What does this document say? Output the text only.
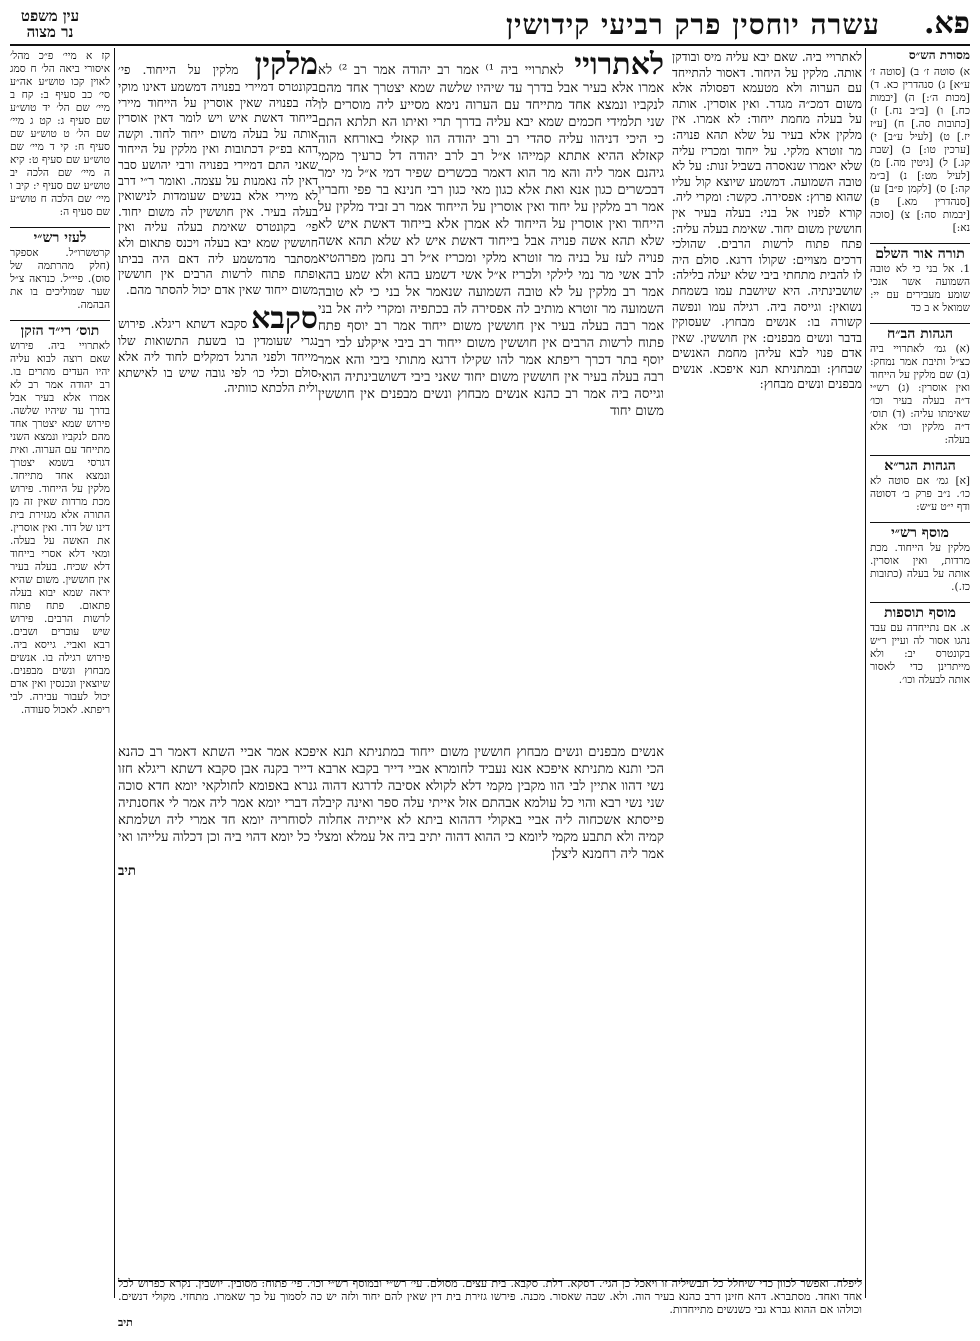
פא.
עשרה יוחסין פרק רביעי קידושין
עין משפט
נר מצוה
מסורת הש״ס

א) סוטה ז׳ ב) [סוטה ז׳ ע״א] ג) סנהדרין כא. ד) [מכות ה׳:] ה) [יבמות כח.] ו) [ב״ב נח.] ז) [כתובות סה.] ח) [ע״ז יז.] ט) [לעיל ע״ב] י) [ערכין טו:] כ) [שבת קג.] ל) [גיטין מה.] מ) [לעיל מט:] נ) [ב״מ קה:] ס) [לקמן פ״ב] ע) [סנהדרין מא.] פ) [יבמות סה:] צ) [סוכה נא:]

תורה אור השלם

1. אל בני כי לא טובה השמועה אשר אנכי שומע מעבירים עם יי: שמואל א ב כד

הגהות הב״ח

(א) גמ׳ לאתרויי ביה כצ״ל ותיבת אמר נמחק: (ב) שם מלקין על הייחוד ואין אוסרין: (ג) רש״י ד״ה בעלה בעיר וכו׳ שאימתו עליה: (ד) תוס׳ ד״ה מלקין וכו׳ אלא בעלה:

הגהות הגר״א

[א] גמ׳ אם סוטה לא כו׳. נ״ב פרק ב׳ דסוטה ודף י״ט ע״ש:

מוסף רש״י

מלקין על הייחוד. מכת מרדות, ואין אוסרין. אותה על בעלה (כתובות כז.).

מוסף תוספות

א. אם נתייחדה עם עבד נהגו אסור לה ועיין ר״ש בקונטרס יב: ולא מייתרינן כדי לאסור אותה לבעלה וכו׳.

קז א מיי׳ פ״כ מהל׳ איסורי ביאה הל׳ ח סמג לאוין קכו טוש״ע אה״ע סי׳ כב סעיף ב: קח ב מיי׳ שם הל׳ יד טוש״ע שם סעיף ג: קט ג מיי׳ שם הל׳ ט טוש״ע שם סעיף ח: קי ד מיי׳ שם טוש״ע שם סעיף ט: קיא ה מיי׳ שם הלכה יב טוש״ע שם סעיף י: קיב ו מיי׳ שם הלכה ח טוש״ע שם סעיף ה:

לעזי רש״י

קרטשרו״ל. אספקר (חלק מהרתמה של סוס). פיי״ל. כנראה צ״ל שער שמוליכים בו את הבהמה.

תוס׳ רי״ד הזקן

לאתרויי ביה. פירוש שאם רוצה לבוא עליה יהיו העדים מתרים בו. רב יהודה אמר רב לא אמרו אלא בעיר אבל בדרך עד שיהיו שלשה. פירוש שמא יצטרך אחד מהם לנקביו ונמצא השני מתייחד עם הערוה. ואית דגרסי בשמא יצטרך ונמצא אחד מתייחד. מלקין על הייחוד. פירוש מכת מרדות שאין זה מן התורה אלא מגזירת בית דינו של דוד. ואין אוסרין. את האשה על בעלה. ומאי דלא אסרי בייחוד דלא שכיח. בעלה בעיר אין חוששין. משום שהיא יראה שמא יבוא בעלה פתאום. פתח פתוח לרשות הרבים. פירוש שיש עוברים ושבים. רבא ואביי. גייסא ביה. פירוש רגילה בו. אנשים מבחוץ ונשים מבפנים. שיוצאין ונכנסין ואין אדם יכול לעבור עבירה. לבי ריפתא. לאכול סעודה.

לאתרויי ביה. שאם יבא עליה מיס ובודקן אותה. מלקין על היחוד. דאסור להתייחד עם הערוה ולא מטעמא דפסולה אלא משום דמכ״ה מגדר. ואין אוסרין. אותה על בעלה מחמת ייחוד: לא אמרו. אין מלקין אלא בעיר על שלא תהא פנויה: מר זוטרא מלקי. על ייחוד ומכריז עליה שלא יאמרו שנאסרה בשביל זנות: על לא טובה השמועה. דמשמע שיוצא קול עליו שהוא פרוץ: אפסירה. כקשר: ומקרי ליה. קורא לפניו אל בני: בעלה בעיר אין חוששין משום יחוד. שאימת בעלה עליה: פתח פתוח לרשות הרבים. שהולכי דרכים מצויים: שקולו דרגא. סולם היה לו להבית מתחתי ביבי שלא יעלה בלילה: שושבינתיה. היא שיושבת עמו בשמחת נשואין: וגייסה ביה. רגילה עמו ונפשה קשורה בו: אנשים מבחוץ. שעסוקין בדבר ונשים מבפנים: אין חוששין. שאין אדם פנוי לבא עליהן מחמת האנשים שבחוץ: ובמתניתא תנא איפכא. אנשים מבפנים ונשים מבחוץ:

מלקין מלקין על הייחוד. פי׳ בקונטרס דמיירי בפנויה דמשמע דאינו מוקי לה בפנויה שאין אוסרין על הייחוד מיירי בייחוד דאשת איש ויש לומר דאין אוסרין אותה על בעלה משום ייחוד לחוד. וקשה דהא בפ״ק דכתובות ואין מלקין על הייחוד שאני התם דמיירי בפנויה ורבי יהושע סבר דאין לה נאמנות על עצמה. ואומר ר״י דרב לא מיירי אלא בנשים שעומדות לנישואין בעלה בעיר. אין חוששין לה משום יחוד. פי׳ בקונטרס שאימת בעלה עליה ואין חוששין שמא יבא בעלה ויכנס פתאום ולא מסתבר מדמשמע ליה דאם היה בביתו ופתח פתוח לרשות הרבים אין חוששין משום ייחוד שאין אדם יכול להסתר מהם.

סקבאסקבא דשתא ריגלא. פירוש נגרי שעומדין בו בשעת התשואות שלו מייחד ולפני הרגל דמקלים לחוד ליה אלא סולם וכלי כו׳ לפי גובה שיש בו לאישתא ולית הלכתא כוותיה.

לאתרויי לאתרויי ביה ¹⁾ אמר רב יהודה אמר רב ²⁾ לא אמרו אלא בעיר אבל בדרך עד שיהיו שלשה שמא יצטרך אחד מהם לנקביו ונמצא אחד מתייחד עם הערוה נימא מסייע ליה מוסרים לו שני תלמידי חכמים שמא יבא עליה בדרך תרי ואיתו הא תלתא התם כי היכי דניהוו עליה סהדי רב ורב יהודה הוו קאזלי באורחא הוה קאזלא ההיא אתתא קמייהו א״ל רב לרב יהודה דל כרעיך מקמי גיהנם אמר ליה והא מר הוא דאמר בכשרים שפיר דמי א״ל מי ימר דבכשרים כגון אנא ואת אלא כגון מאי כגון רבי חנינא בר פפי וחבריו אמר רב מלקין על יחוד ואין אוסרין על הייחוד אמר רב זביד מלקין על הייחוד ואין אוסרין על הייחוד לא אמרן אלא בייחוד דאשת איש לא שלא תהא אשה פנויה אבל בייחוד דאשת איש לא שלא תהא אשה פנויה לעז על בניה מר זוטרא מלקי ומכריז א״ל רב נחמן מפרהטיא לרב אשי מר נמי לילקי ולכריז א״ל אשי דשמע בהא ולא שמע בהא אמר רב מלקין על לא טובה השמועה שנאמר אל בני כי לא טובה השמועה מר זוטרא מותיב לה אפסירה לה בכתפיה ומקרי ליה אל בני אמר רבה בעלה בעיר אין חוששין משום ייחוד אמר רב יוסף פתח פתוח לרשות הרבים אין חוששין משום ייחוד רב ביבי איקלע לבי רב יוסף בתר דכרך ריפתא אמר להו שקילו דרגא מתותי ביבי והא אמר רבה בעלה בעיר אין חוששין משום יחוד שאני ביבי דשושבינתיה הואי וגייסה ביה אמר רב כהנא אנשים מבחוץ ונשים מבפנים אין חוששין משום יחוד
אנשים מבפנים ונשים מבחוץ חוששין משום ייחוד במתניתא תנא איפכא אמר אביי השתא דאמר רב כהנא הכי ותנא מתניתא איפכא אנא נעביד לחומרא אביי דייר בקבא ארבא דייר בקנה אבן סקבא דשתא ריגלא חזו נשי דהוו אתיין לבי הוו מקבין מקמי דלא לקולא אסיבה לדרגא דהוה גנרא באפומא לחולקאי יומא חדא סוכה שני נשי רבא והוי כל עולמא אבהתם אזל אייתי עלה ספר ואינה קיבלה דברי יומא אמר ליה אמר לי אחסנתיה פייסתא אשכחוה ליה אביי באקולי דההוא ביתא לא אייתיה אחלוה לסוחריה יומא חד אמרי ליה ושלמתא קמיה ולא תתבע מקמי ליומא כי ההוא דהוה יתיב ביה אל עמלא ומצלי כל יומא דהוי ביה וכן דכלוה עלייהו ואי אמר ליה רחמנא ליצלן
תיב
ליפלח. ואפשר לכוון כדי שיחלל כל תבשיליה זו ויאכל כן הגי׳. דסקא. דלת. סקבא. בית עצים. מסולם. עי׳ רש״י ובמוסף רש״י וכו׳. פי׳ פתוח: מסובין. יושבין. נקרא כפרוש לכל אחד ואחד. מסתברא. דהא חזינן דרב כהנא בעיר הוה. ולא. שבה שאסור. מכנה. פירשו גזירת בית דין שאין להם יחוד ולזה יש כה לסמוך על כך שאמרו. מתחזי. מקולי דנשים. וכולהו אם ההוא גברא גבי כשנשים מתייחדות.
תיב
